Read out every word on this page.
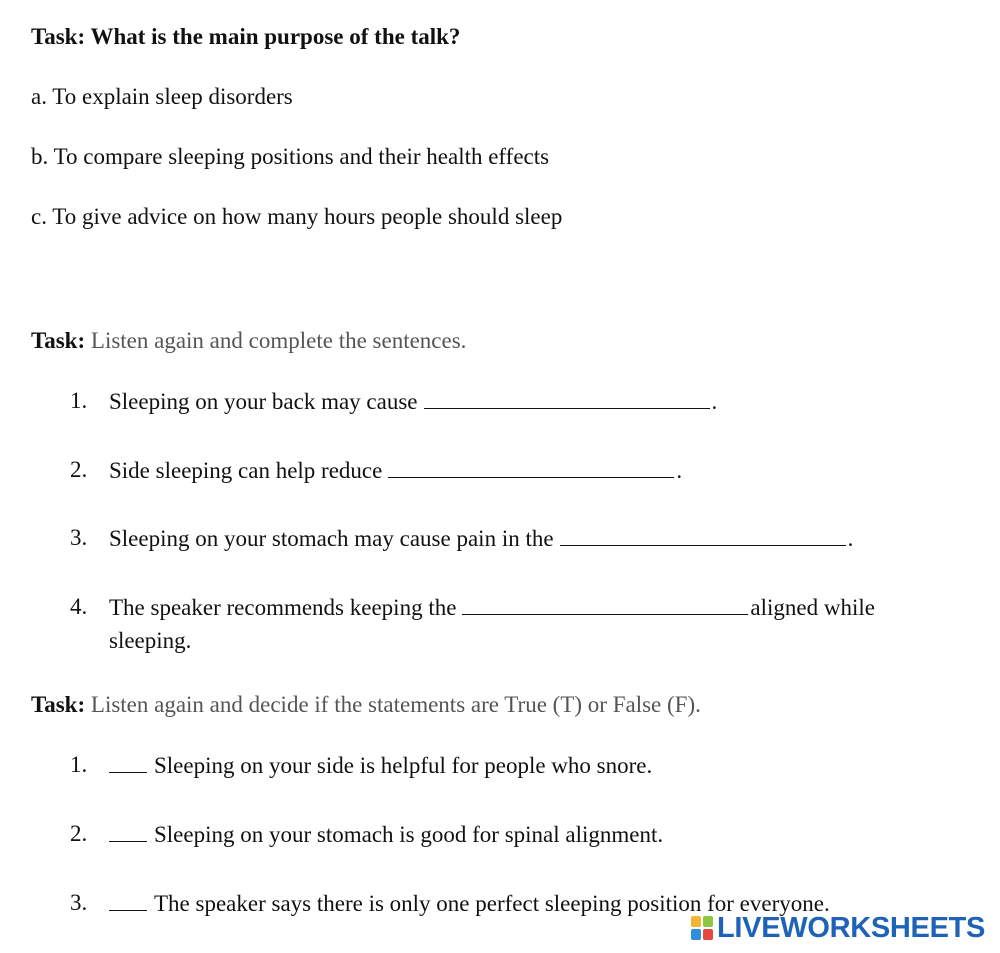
Task: What is the main purpose of the talk?
a. To explain sleep disorders
b. To compare sleeping positions and their health effects
c. To give advice on how many hours people should sleep
Task: Listen again and complete the sentences.
1. Sleeping on your back may cause	.
2. Side sleeping can help reduce	.
3. Sleeping on your stomach may cause pain in the	.
4. The speaker recommends keeping the	aligned while
sleeping.
Task: Listen again and decide if the statements are True (T) or False (F).
1.	Sleeping on your side is helpful for people who snore.
2.	Sleeping on your stomach is good for spinal alignment.
3.	The speaker says there is only one perfect sleeping position for everyone.
LIVEWORKSHEETS
